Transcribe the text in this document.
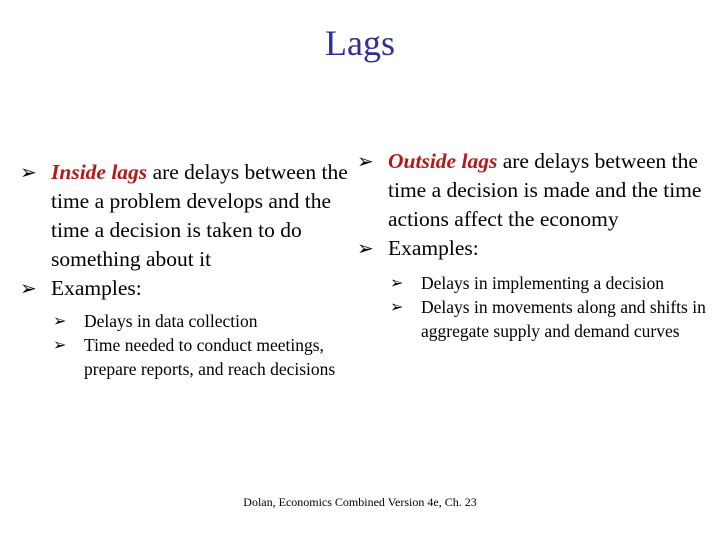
Lags
➢ Inside lags are delays between the time a problem develops and the time a decision is taken to do something about it
➢ Examples:
➢ Delays in data collection
➢ Time needed to conduct meetings, prepare reports, and reach decisions
➢ Outside lags are delays between the time a decision is made and the time actions affect the economy
➢ Examples:
➢ Delays in implementing a decision
➢ Delays in movements along and shifts in aggregate supply and demand curves
Dolan, Economics Combined Version 4e, Ch. 23
